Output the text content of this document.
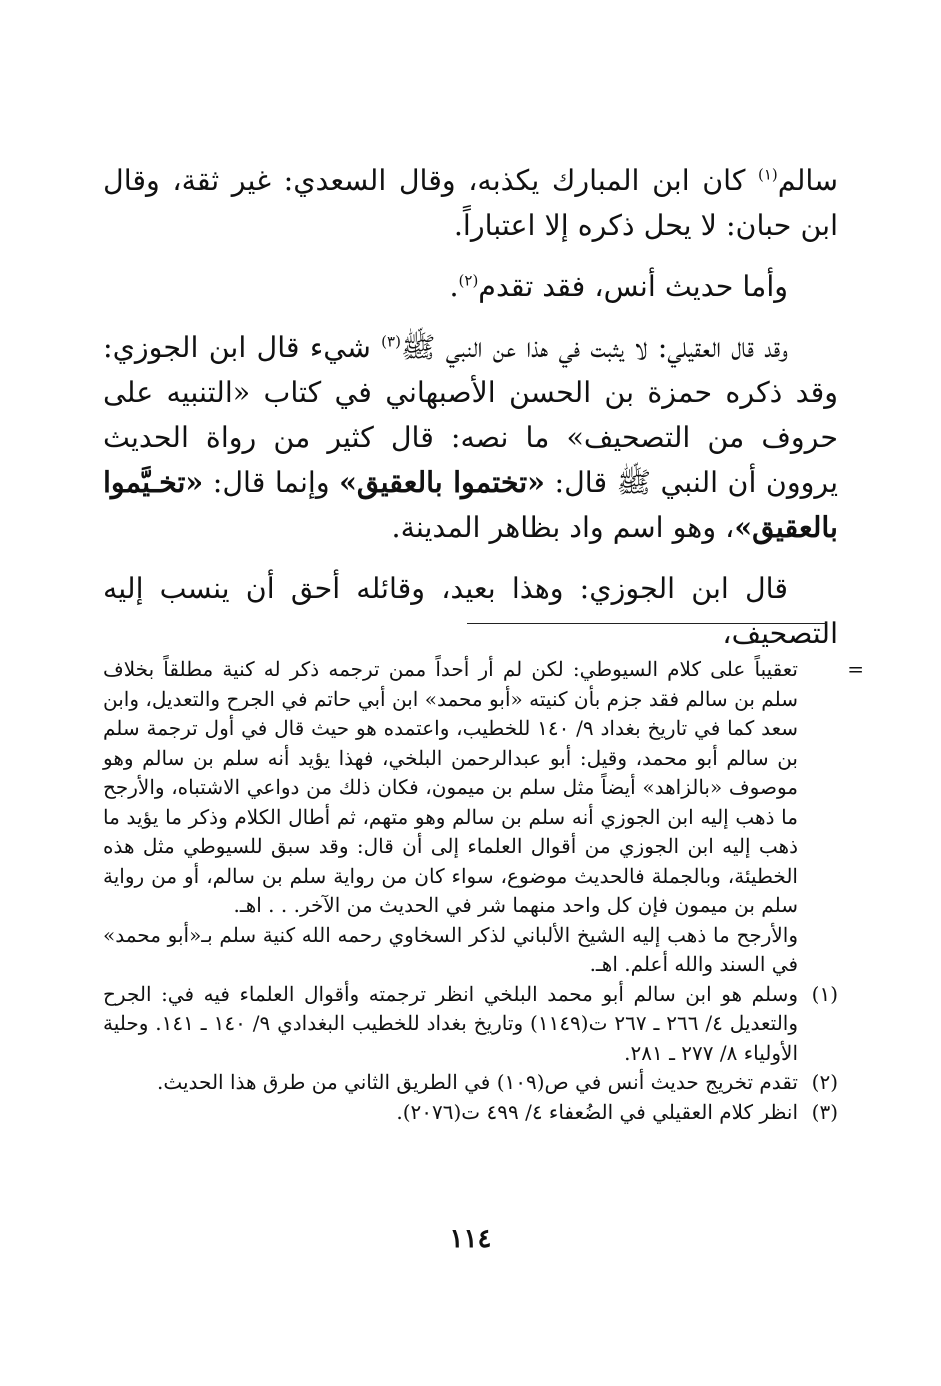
سالم$^{(١)}$ كان ابن المبارك يكذبه، وقال السعدي: غير ثقة، وقال ابن حبان: لا يحل ذكره إلا اعتباراً.

وأما حديث أنس، فقد تقدم$^{(٢)}$.

وقد قال العقيلي: لا يثبت في هذا عن النبي ﷺ$^{(٣)}$ شيء قال ابن الجوزي: وقد ذكره حمزة بن الحسن الأصبهاني في كتاب «التنبيه على حروف من التصحيف» ما نصه: قال كثير من رواة الحديث يروون أن النبي ﷺ قال: «تختموا بالعقيق» وإنما قال: «تخـيَّموا بالعقيق»، وهو اسم واد بظاهر المدينة.

قال ابن الجوزي: وهذا بعيد، وقائله أحق أن ينسب إليه التصحيف،

=

تعقيباً على كلام السيوطي: لكن لم أر أحداً ممن ترجمه ذكر له كنية مطلقاً بخلاف سلم بن سالم فقد جزم بأن كنيته «أبو محمد» ابن أبي حاتم في الجرح والتعديل، وابن سعد كما في تاريخ بغداد ٩/ ١٤٠ للخطيب، واعتمده هو حيث قال في أول ترجمة سلم بن سالم أبو محمد، وقيل: أبو عبدالرحمن البلخي، فهذا يؤيد أنه سلم بن سالم وهو موصوف «بالزاهد» أيضاً مثل سلم بن ميمون، فكان ذلك من دواعي الاشتباه، والأرجح ما ذهب إليه ابن الجوزي أنه سلم بن سالم وهو متهم، ثم أطال الكلام وذكر ما يؤيد ما ذهب إليه ابن الجوزي من أقوال العلماء إلى أن قال: وقد سبق للسيوطي مثل هذه الخطيئة، وبالجملة فالحديث موضوع، سواء كان من رواية سلم بن سالم، أو من رواية سلم بن ميمون فإن كل واحد منهما شر في الحديث من الآخر. . . اهـ.

والأرجح ما ذهب إليه الشيخ الألباني لذكر السخاوي رحمه الله كنية سلم بـ«أبو محمد» في السند والله أعلم. اهـ.

(١)

وسلم هو ابن سالم أبو محمد البلخي انظر ترجمته وأقوال العلماء فيه في: الجرح والتعديل ٤/ ٢٦٦ ـ ٢٦٧ ت(١١٤٩) وتاريخ بغداد للخطيب البغدادي ٩/ ١٤٠ ـ ١٤١. وحلية الأولياء ٨/ ٢٧٧ ـ ٢٨١.

(٢)

تقدم تخريج حديث أنس في ص(١٠٩) في الطريق الثاني من طرق هذا الحديث.

(٣)

انظر كلام العقيلي في الضُعفاء ٤/ ٤٩٩ ت(٢٠٧٦).

١١٤
